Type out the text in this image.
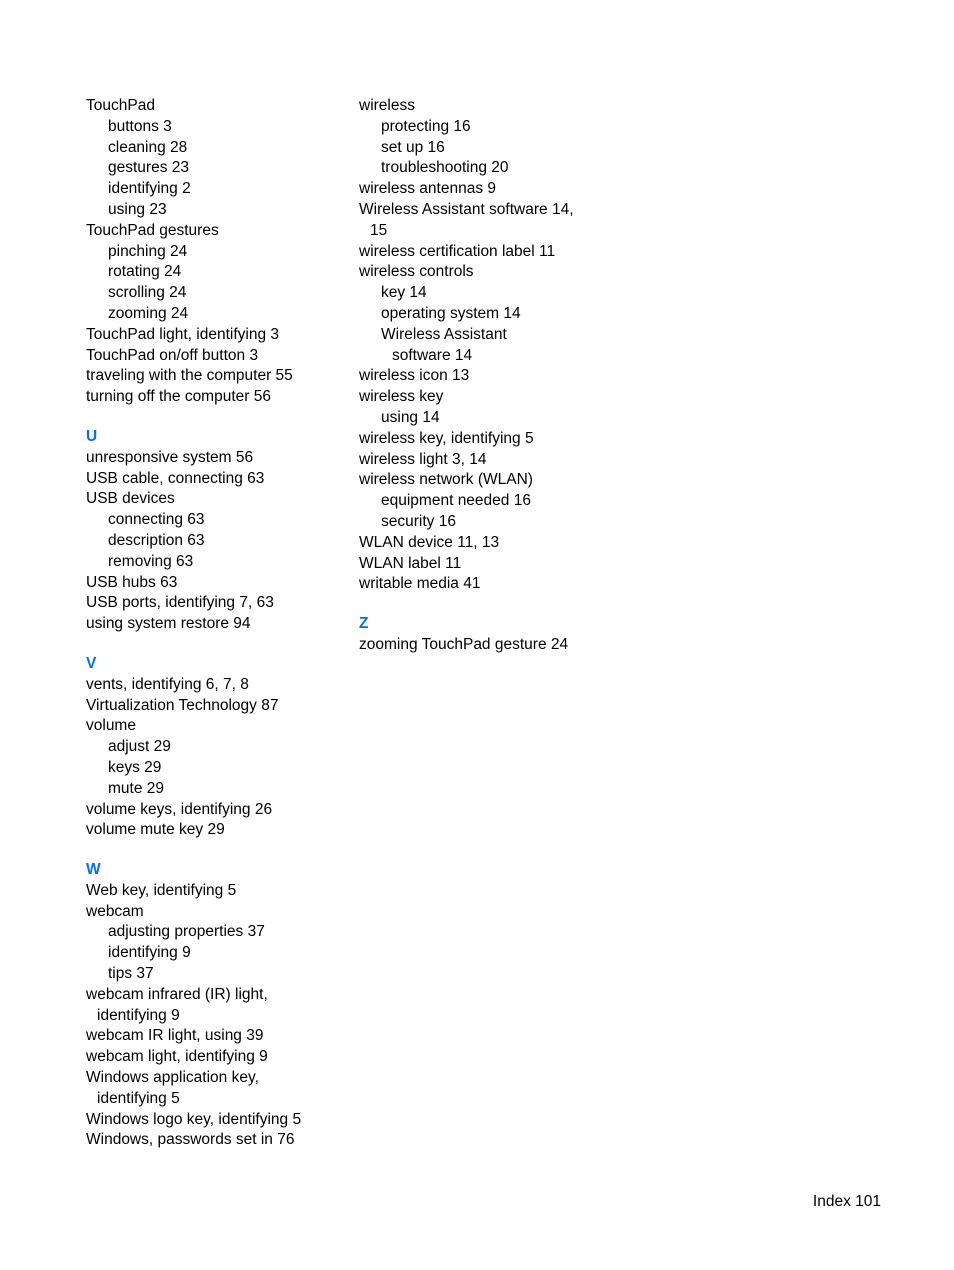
TouchPad
buttons 3
cleaning 28
gestures 23
identifying 2
using 23
TouchPad gestures
pinching 24
rotating 24
scrolling 24
zooming 24
TouchPad light, identifying 3
TouchPad on/off button 3
traveling with the computer 55
turning off the computer 56
U
unresponsive system 56
USB cable, connecting 63
USB devices
connecting 63
description 63
removing 63
USB hubs 63
USB ports, identifying 7, 63
using system restore 94
V
vents, identifying 6, 7, 8
Virtualization Technology 87
volume
adjust 29
keys 29
mute 29
volume keys, identifying 26
volume mute key 29
W
Web key, identifying 5
webcam
adjusting properties 37
identifying 9
tips 37
webcam infrared (IR) light,
identifying 9
webcam IR light, using 39
webcam light, identifying 9
Windows application key,
identifying 5
Windows logo key, identifying 5
Windows, passwords set in 76
wireless
protecting 16
set up 16
troubleshooting 20
wireless antennas 9
Wireless Assistant software 14,
15
wireless certification label 11
wireless controls
key 14
operating system 14
Wireless Assistant
software 14
wireless icon 13
wireless key
using 14
wireless key, identifying 5
wireless light 3, 14
wireless network (WLAN)
equipment needed 16
security 16
WLAN device 11, 13
WLAN label 11
writable media 41
Z
zooming TouchPad gesture 24
Index 101
